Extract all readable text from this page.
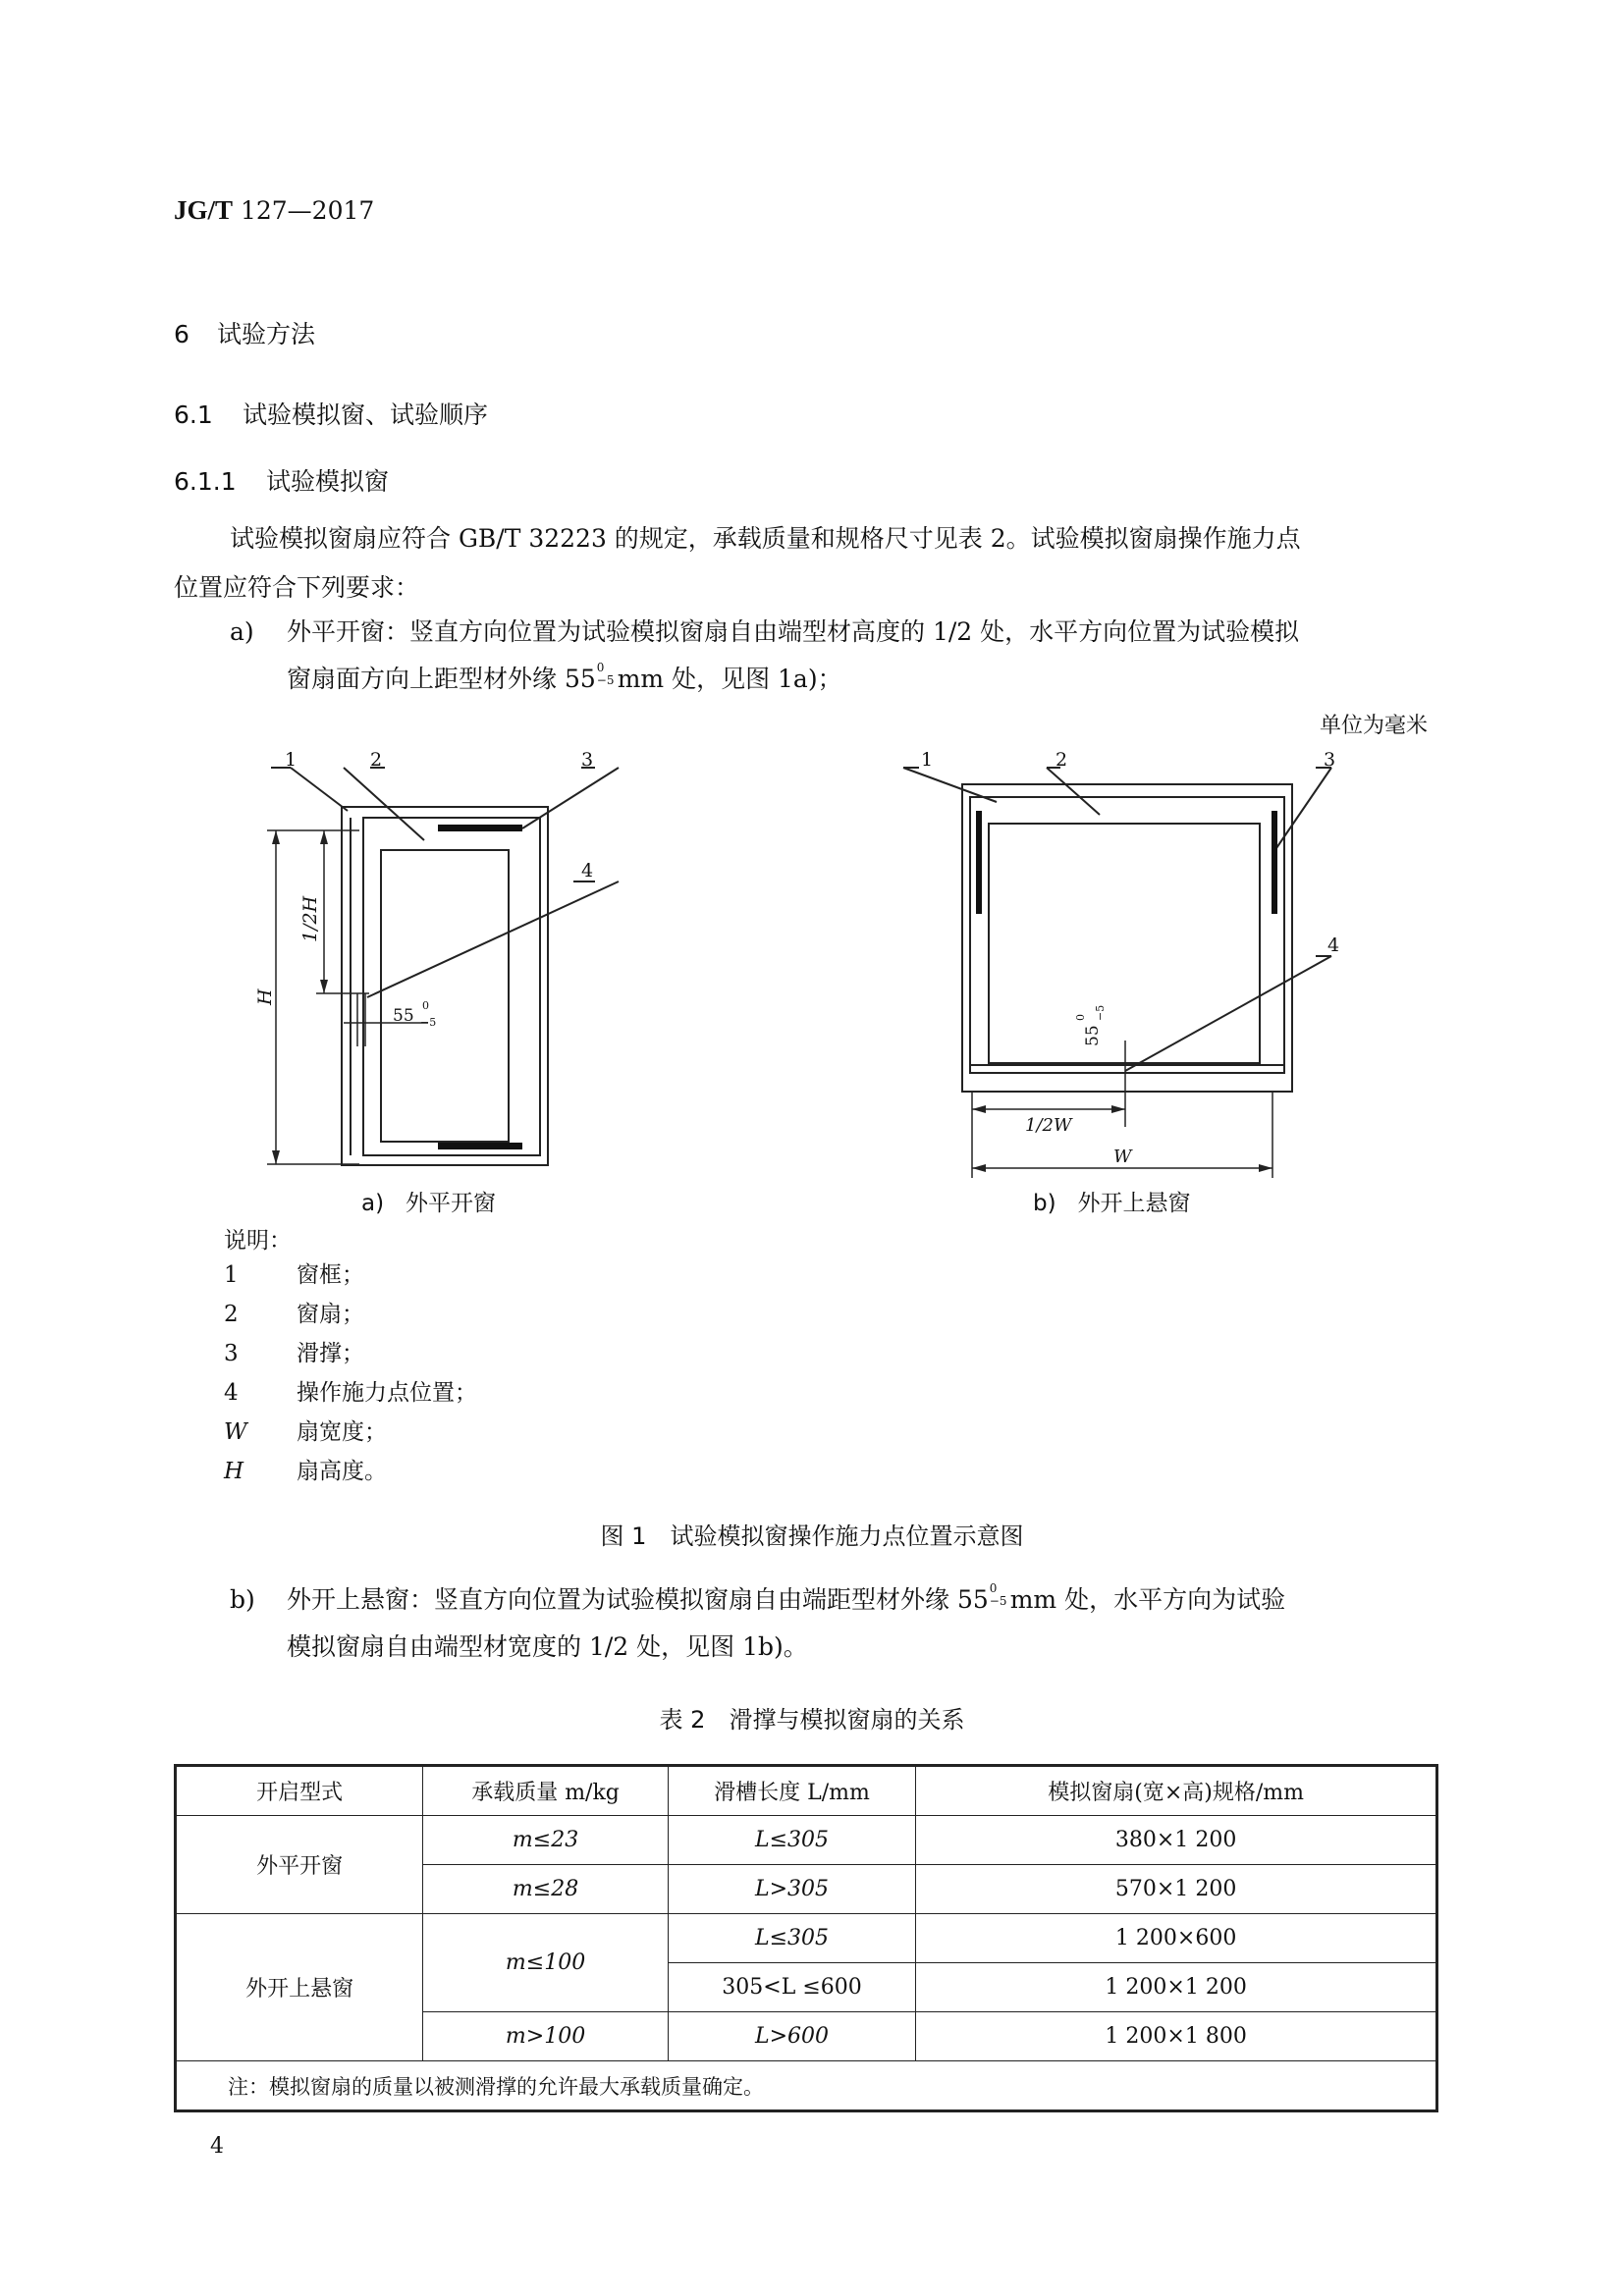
JG/T 127—2017
6 试验方法
6.1 试验模拟窗、试验顺序
6.1.1 试验模拟窗
试验模拟窗扇应符合 GB/T 32223 的规定，承载质量和规格尺寸见表 2。试验模拟窗扇操作施力点
位置应符合下列要求：
a) 外平开窗：竖直方向位置为试验模拟窗扇自由端型材高度的 1/2 处，水平方向位置为试验模拟
窗扇面方向上距型材外缘 55 0
−5
mm 处，见图 1a)；
单位为毫米
1	2	3
4
1/2H
H
55
0
−5
1	2	3
4
55
0 −5
1/2W
W
a) 外平开窗	b) 外开上悬窗
说明：
1	窗框；
2	窗扇；
3	滑撑；
4	操作施力点位置；
W 扇宽度；
H 扇高度。
图 1　试验模拟窗操作施力点位置示意图
b) 外开上悬窗：竖直方向位置为试验模拟窗扇自由端距型材外缘 55 0
−5
mm 处，水平方向为试验
模拟窗扇自由端型材宽度的 1/2 处，见图 1b)。
表 2　滑撑与模拟窗扇的关系
开启型式	承载质量 m/kg	滑槽长度 L/mm	模拟窗扇(宽×高)规格/mm
外平开窗	m≤23	L≤305	380×1 200
	m≤28	L>305	570×1 200
外开上悬窗	m≤100	L≤305	1 200×600
		305<L ≤600	1 200×1 200
	m>100	L>600	1 200×1 800
注：模拟窗扇的质量以被测滑撑的允许最大承载质量确定。			
4
